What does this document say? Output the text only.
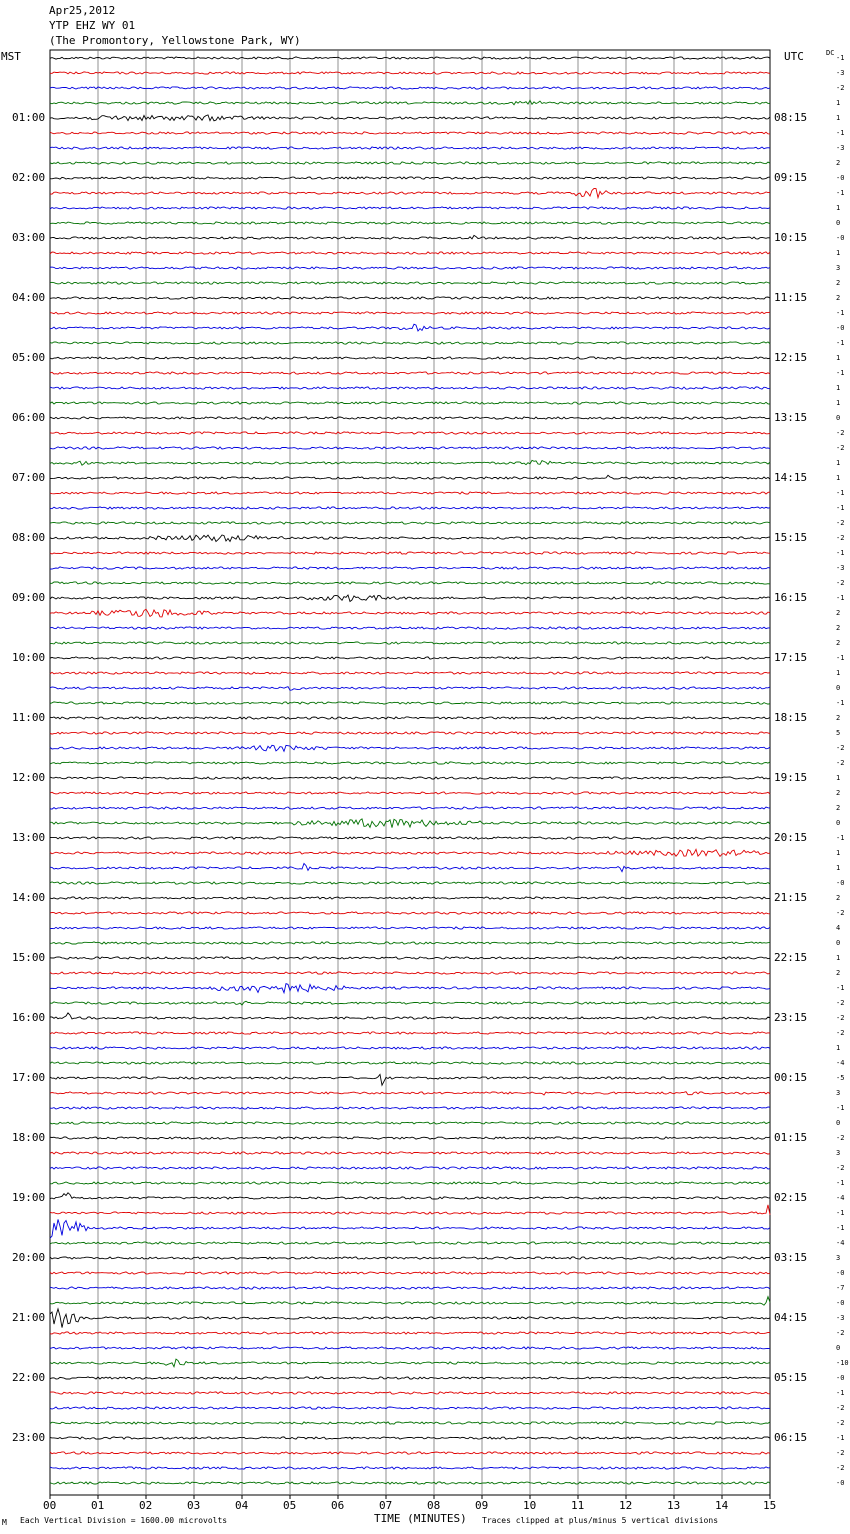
Apr25,2012
YTP EHZ WY 01
(The Promontory, Yellowstone Park, WY)
MST	UTC	DC
00	01	02	03	04	05	06	07	08	09	10	11	12	13	14	15
-1
-3
-2
1
1
-1
-3
2
-0
-1
1
0
-0
1
3
2
2
-1
-0
-1
1
-1
1
1
0
-2
-2
1
1
-1
-1
-2
-2
-1
-3
-2
-1
2
2
2
-1
1
0
-1
2
5
-2
-2
1
2
2
0
-1
1
1
-0
2
-2
4
0
1
2
-1
-2
-2
-2
1
-4
-5
3
-1
0
-2
3
-2
-1
-4
-1
-1
-4
3
-0
-7
-0
-3
-2
0
-10
-0
-1
-2
-2
-1
-2
-2
-0
01:00
02:00
03:00
04:00
05:00
06:00
07:00
08:00
09:00
10:00
11:00
12:00
13:00
14:00
15:00
16:00
17:00
18:00
19:00
20:00
21:00
22:00
23:00
08:15
09:15
10:15
11:15
12:15
13:15
14:15
15:15
16:15
17:15
18:15
19:15
20:15
21:15
22:15
23:15
00:15
01:15
02:15
03:15
04:15
05:15
06:15
M Each Vertical Division = 1600.00 microvolts	TIME (MINUTES) Traces clipped at plus/minus 5 vertical divisions
